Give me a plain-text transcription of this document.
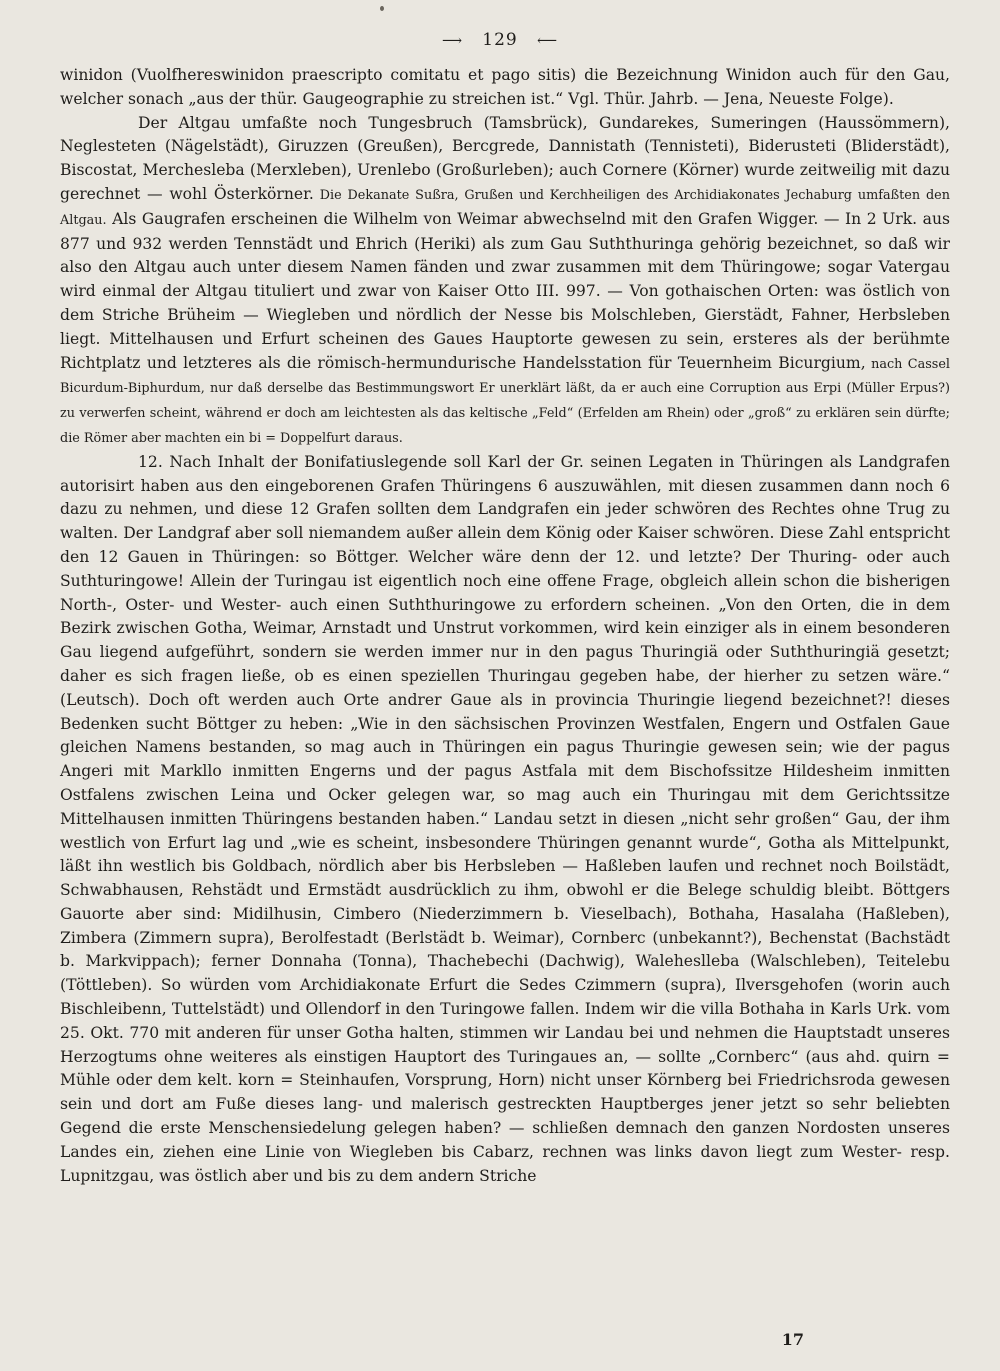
⟶ 129 ⟵

winidon (Vuolfhereswinidon praescripto comitatu et pago sitis) die Bezeichnung Winidon auch für den Gau, welcher sonach „aus der thür. Gaugeographie zu streichen ist.“ Vgl. Thür. Jahrb. — Jena, Neueste Folge).

Der Altgau umfaßte noch Tungesbruch (Tamsbrück), Gundarekes, Sumeringen (Haussömmern), Neglesteten (Nägelstädt), Giruzzen (Greußen), Bercgrede, Dannistath (Tennisteti), Biderusteti (Bliderstädt), Biscostat, Merchesleba (Merxleben), Urenlebo (Großurleben); auch Cornere (Körner) wurde zeitweilig mit dazu gerechnet — wohl Österkörner. Die Dekanate Sußra, Grußen und Kerchheiligen des Archidiakonates Jechaburg umfaßten den Altgau. Als Gaugrafen erscheinen die Wilhelm von Weimar abwechselnd mit den Grafen Wigger. — In 2 Urk. aus 877 und 932 werden Tennstädt und Ehrich (Heriki) als zum Gau Suththuringa gehörig bezeichnet, so daß wir also den Altgau auch unter diesem Namen fänden und zwar zusammen mit dem Thüringowe; sogar Vatergau wird einmal der Altgau tituliert und zwar von Kaiser Otto III. 997. — Von gothaischen Orten: was östlich von dem Striche Brüheim — Wiegleben und nördlich der Nesse bis Molschleben, Gierstädt, Fahner, Herbsleben liegt. Mittelhausen und Erfurt scheinen des Gaues Hauptorte gewesen zu sein, ersteres als der berühmte Richtplatz und letzteres als die römisch-hermundurische Handelsstation für Teuernheim Bicurgium, nach Cassel Bicurdum-Biphurdum, nur daß derselbe das Bestimmungswort Er unerklärt läßt, da er auch eine Corruption aus Erpi (Müller Erpus?) zu verwerfen scheint, während er doch am leichtesten als das keltische „Feld“ (Erfelden am Rhein) oder „groß“ zu erklären sein dürfte; die Römer aber machten ein bi = Doppelfurt daraus.

12. Nach Inhalt der Bonifatiuslegende soll Karl der Gr. seinen Legaten in Thüringen als Landgrafen autorisirt haben aus den eingeborenen Grafen Thüringens 6 auszuwählen, mit diesen zusammen dann noch 6 dazu zu nehmen, und diese 12 Grafen sollten dem Landgrafen ein jeder schwören des Rechtes ohne Trug zu walten. Der Landgraf aber soll niemandem außer allein dem König oder Kaiser schwören. Diese Zahl entspricht den 12 Gauen in Thüringen: so Böttger. Welcher wäre denn der 12. und letzte? Der Thuring- oder auch Suthturingowe! Allein der Turingau ist eigentlich noch eine offene Frage, obgleich allein schon die bisherigen North-, Oster- und Wester- auch einen Suththuringowe zu erfordern scheinen. „Von den Orten, die in dem Bezirk zwischen Gotha, Weimar, Arnstadt und Unstrut vorkommen, wird kein einziger als in einem besonderen Gau liegend aufgeführt, sondern sie werden immer nur in den pagus Thuringiä oder Suththuringiä gesetzt; daher es sich fragen ließe, ob es einen speziellen Thuringau gegeben habe, der hierher zu setzen wäre.“ (Leutsch). Doch oft werden auch Orte andrer Gaue als in provincia Thuringie liegend bezeichnet?! dieses Bedenken sucht Böttger zu heben: „Wie in den sächsischen Provinzen Westfalen, Engern und Ostfalen Gaue gleichen Namens bestanden, so mag auch in Thüringen ein pagus Thuringie gewesen sein; wie der pagus Angeri mit Markllo inmitten Engerns und der pagus Astfala mit dem Bischofssitze Hildesheim inmitten Ostfalens zwischen Leina und Ocker gelegen war, so mag auch ein Thuringau mit dem Gerichtssitze Mittelhausen inmitten Thüringens bestanden haben.“ Landau setzt in diesen „nicht sehr großen“ Gau, der ihm westlich von Erfurt lag und „wie es scheint, insbesondere Thüringen genannt wurde“, Gotha als Mittelpunkt, läßt ihn westlich bis Goldbach, nördlich aber bis Herbsleben — Haßleben laufen und rechnet noch Boilstädt, Schwabhausen, Rehstädt und Ermstädt ausdrücklich zu ihm, obwohl er die Belege schuldig bleibt. Böttgers Gauorte aber sind: Midilhusin, Cimbero (Niederzimmern b. Vieselbach), Bothaha, Hasalaha (Haßleben), Zimbera (Zimmern supra), Berolfestadt (Berlstädt b. Weimar), Cornberc (unbekannt?), Bechenstat (Bachstädt b. Markvippach); ferner Donnaha (Tonna), Thachebechi (Dachwig), Waleheslleba (Walschleben), Teitelebu (Töttleben). So würden vom Archidiakonate Erfurt die Sedes Czimmern (supra), Ilversgehofen (worin auch Bischleibenn, Tuttelstädt) und Ollendorf in den Turingowe fallen. Indem wir die villa Bothaha in Karls Urk. vom 25. Okt. 770 mit anderen für unser Gotha halten, stimmen wir Landau bei und nehmen die Hauptstadt unseres Herzogtums ohne weiteres als einstigen Hauptort des Turingaues an, — sollte „Cornberc“ (aus ahd. quirn = Mühle oder dem kelt. korn = Steinhaufen, Vorsprung, Horn) nicht unser Körnberg bei Friedrichsroda gewesen sein und dort am Fuße dieses lang- und malerisch gestreckten Hauptberges jener jetzt so sehr beliebten Gegend die erste Menschensiedelung gelegen haben? — schließen demnach den ganzen Nordosten unseres Landes ein, ziehen eine Linie von Wiegleben bis Cabarz, rechnen was links davon liegt zum Wester- resp. Lupnitzgau, was östlich aber und bis zu dem andern Striche

17
